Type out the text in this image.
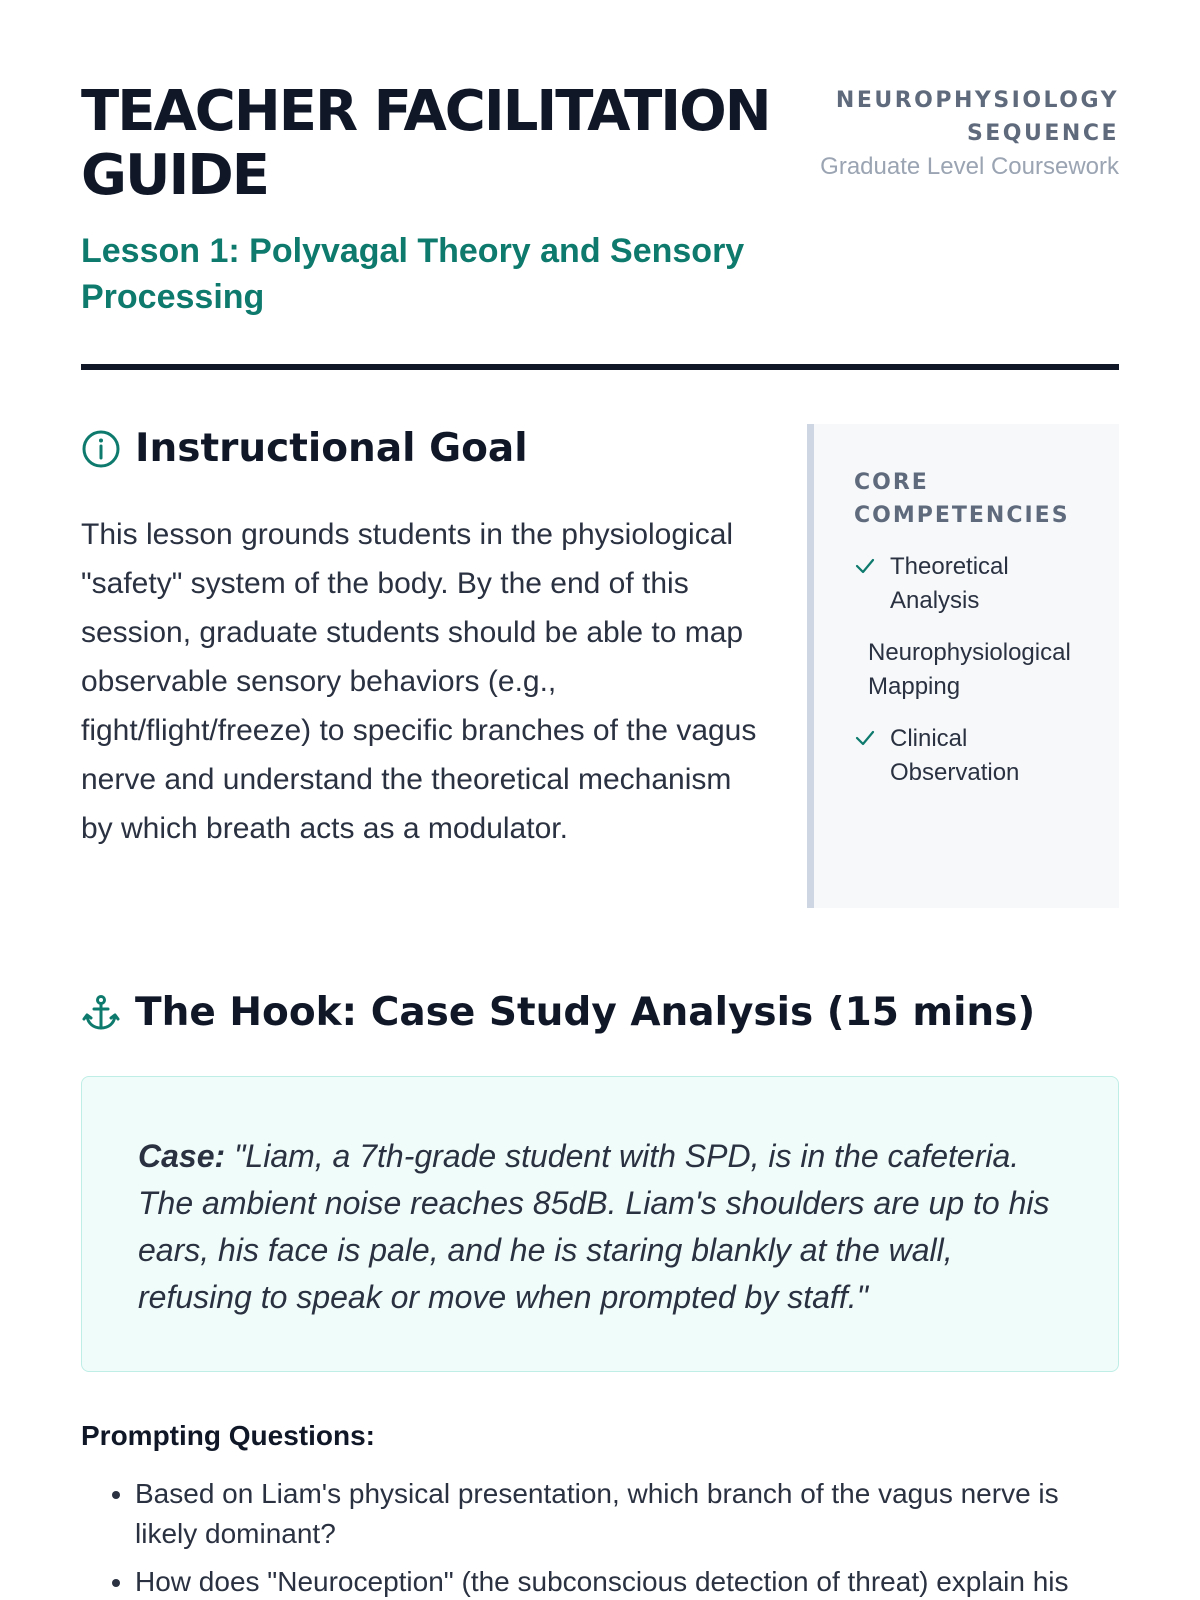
TEACHER FACILITATION GUIDE
Lesson 1: Polyvagal Theory and Sensory Processing
NEUROPHYSIOLOGY SEQUENCE
Graduate Level Coursework
Instructional Goal

This lesson grounds students in the physiological "safety" system of the body. By the end of this session, graduate students should be able to map observable sensory behaviors (e.g., fight/flight/freeze) to specific branches of the vagus nerve and understand the theoretical mechanism by which breath acts as a modulator.

CORE COMPETENCIES
Theoretical Analysis
Neurophysiological Mapping
Clinical Observation
The Hook: Case Study Analysis (15 mins)

Case: "Liam, a 7th-grade student with SPD, is in the cafeteria. The ambient noise reaches 85dB. Liam's shoulders are up to his ears, his face is pale, and he is staring blankly at the wall, refusing to speak or move when prompted by staff."

Prompting Questions:
• Based on Liam's physical presentation, which branch of the vagus nerve is likely dominant?
• How does "Neuroception" (the subconscious detection of threat) explain his
